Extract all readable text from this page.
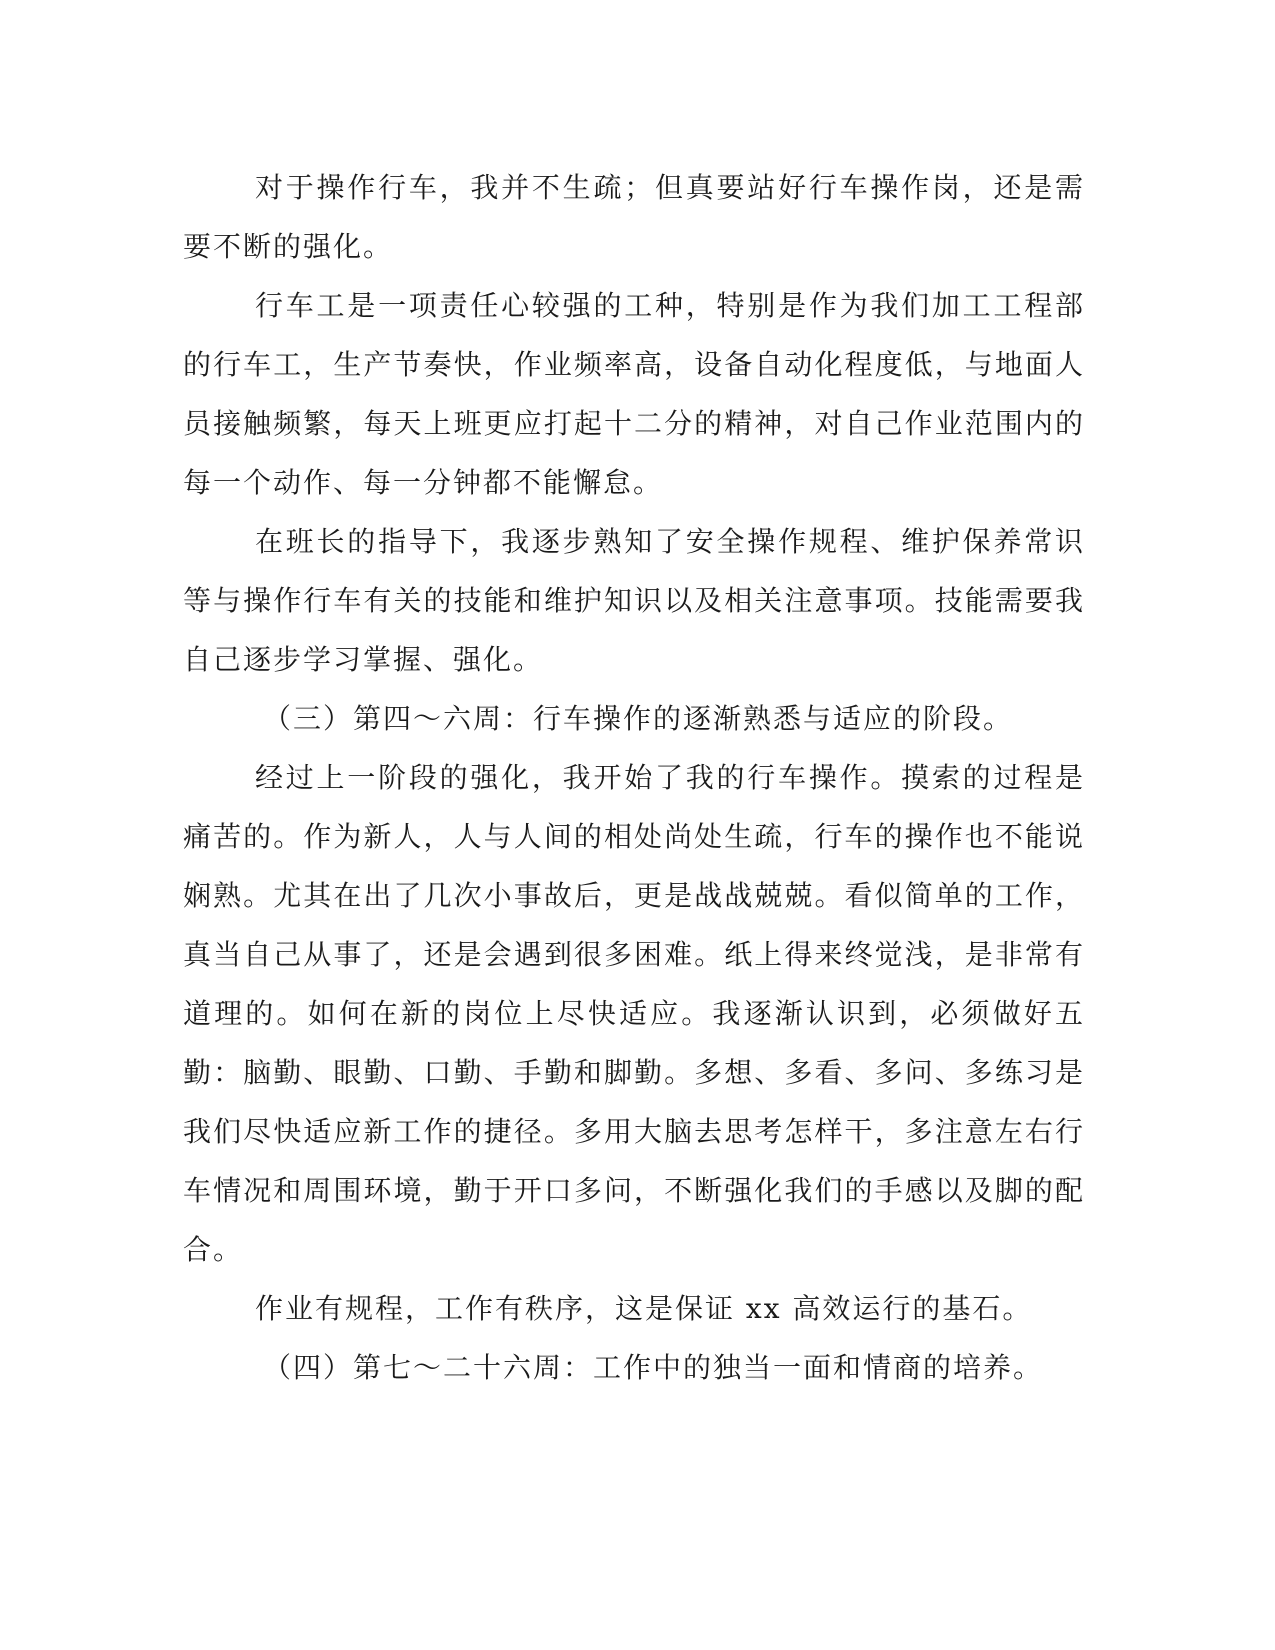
对于操作行车，我并不生疏；但真要站好行车操作岗，还是需要不断的强化。

行车工是一项责任心较强的工种，特别是作为我们加工工程部的行车工，生产节奏快，作业频率高，设备自动化程度低，与地面人员接触频繁，每天上班更应打起十二分的精神，对自己作业范围内的每一个动作、每一分钟都不能懈怠。

在班长的指导下，我逐步熟知了安全操作规程、维护保养常识等与操作行车有关的技能和维护知识以及相关注意事项。技能需要我自己逐步学习掌握、强化。

（三）第四～六周：行车操作的逐渐熟悉与适应的阶段。

经过上一阶段的强化，我开始了我的行车操作。摸索的过程是痛苦的。作为新人，人与人间的相处尚处生疏，行车的操作也不能说娴熟。尤其在出了几次小事故后，更是战战兢兢。看似简单的工作，真当自己从事了，还是会遇到很多困难。纸上得来终觉浅，是非常有道理的。如何在新的岗位上尽快适应。我逐渐认识到，必须做好五勤：脑勤、眼勤、口勤、手勤和脚勤。多想、多看、多问、多练习是我们尽快适应新工作的捷径。多用大脑去思考怎样干，多注意左右行车情况和周围环境，勤于开口多问，不断强化我们的手感以及脚的配合。

作业有规程，工作有秩序，这是保证 xx 高效运行的基石。

（四）第七～二十六周：工作中的独当一面和情商的培养。
